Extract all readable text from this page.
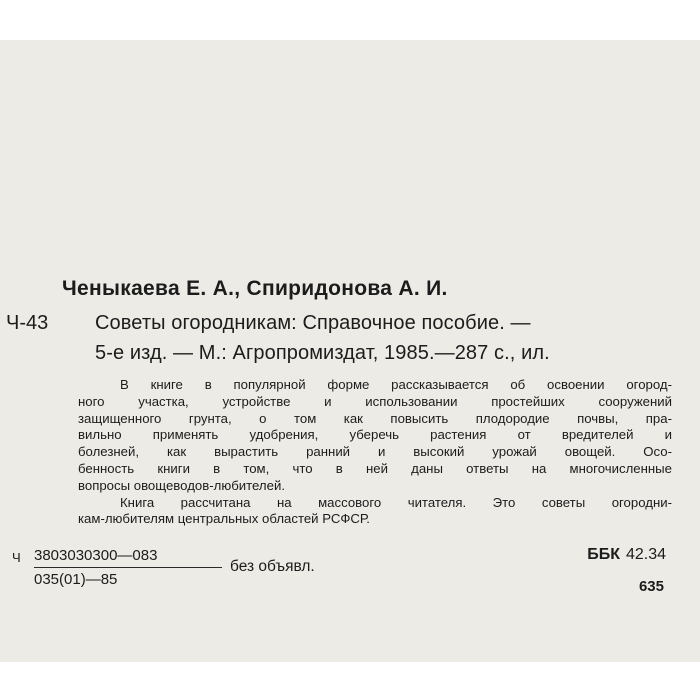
Ченыкаева Е. А., Спиридонова А. И.
Ч-43 Советы огородникам: Справочное пособие. —
5-е изд. — М.: Агропромиздат, 1985.—287 с., ил.
В книге в популярной форме рассказывается об освоении огород-
ного участка, устройстве и использовании простейших сооружений
защищенного грунта, о том как повысить плодородие почвы, пра-
вильно применять удобрения, уберечь растения от вредителей и
болезней, как вырастить ранний и высокий урожай овощей. Осо-
бенность книги в том, что в ней даны ответы на многочисленные
вопросы овощеводов-любителей.
Книга рассчитана на массового читателя. Это советы огородни-
кам-любителям центральных областей РСФСР.
Ч 3803030300—083
035(01)—85
без объявл.
ББК 42.34
635
